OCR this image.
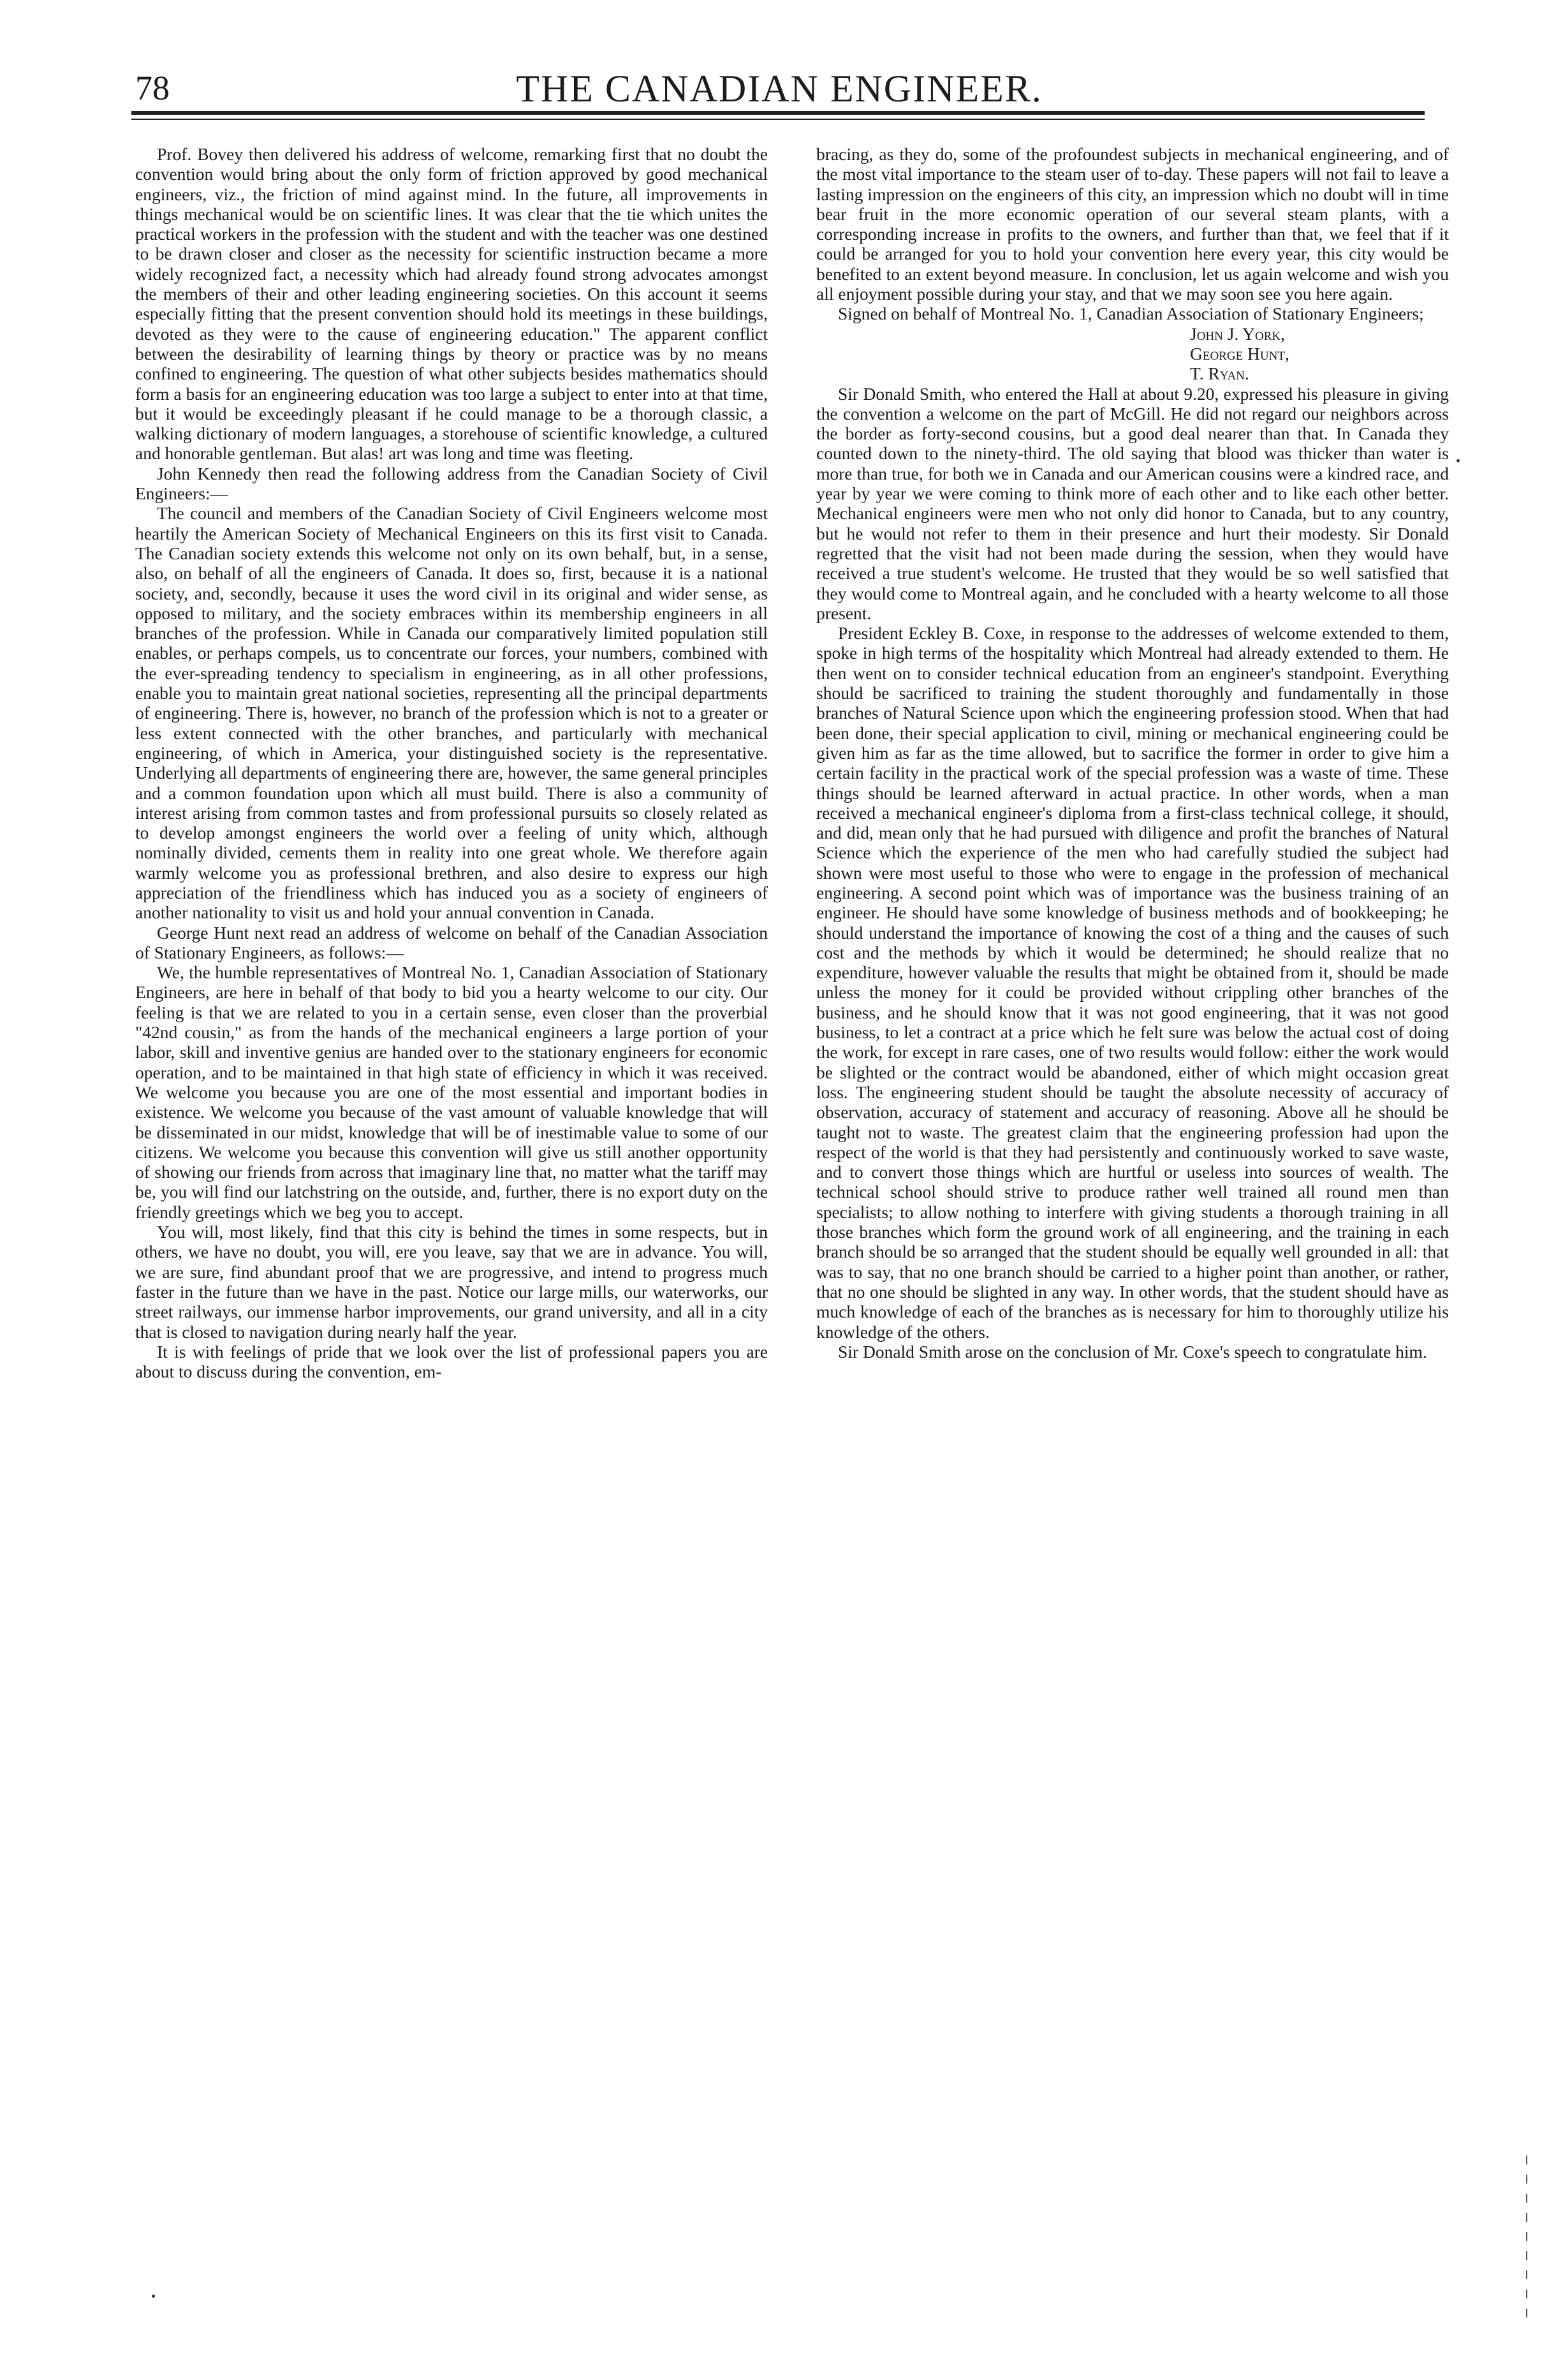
78	THE CANADIAN ENGINEER.

Prof. Bovey then delivered his address of welcome, remarking first that no doubt the convention would bring about the only form of friction approved by good mechanical engineers, viz., the friction of mind against mind. In the future, all improvements in things mechanical would be on scientific lines. It was clear that the tie which unites the practical workers in the profession with the student and with the teacher was one destined to be drawn closer and closer as the necessity for scientific instruction became a more widely recognized fact, a necessity which had already found strong advocates amongst the members of their and other leading engineering societies. On this account it seems especially fitting that the present convention should hold its meetings in these buildings, devoted as they were to the cause of engineering education." The apparent conflict between the desirability of learning things by theory or practice was by no means confined to engineering. The question of what other subjects besides mathematics should form a basis for an engineering education was too large a subject to enter into at that time, but it would be exceedingly pleasant if he could manage to be a thorough classic, a walking dictionary of modern languages, a storehouse of scientific knowledge, a cultured and honorable gentleman. But alas! art was long and time was fleeting.

John Kennedy then read the following address from the Canadian Society of Civil Engineers:—

The council and members of the Canadian Society of Civil Engineers welcome most heartily the American Society of Mechanical Engineers on this its first visit to Canada. The Canadian society extends this welcome not only on its own behalf, but, in a sense, also, on behalf of all the engineers of Canada. It does so, first, because it is a national society, and, secondly, because it uses the word civil in its original and wider sense, as opposed to military, and the society embraces within its membership engineers in all branches of the profession. While in Canada our comparatively limited population still enables, or perhaps compels, us to concentrate our forces, your numbers, combined with the ever-spreading tendency to specialism in engineering, as in all other professions, enable you to maintain great national societies, representing all the principal departments of engineering. There is, however, no branch of the profession which is not to a greater or less extent connected with the other branches, and particularly with mechanical engineering, of which in America, your distinguished society is the representative. Underlying all departments of engineering there are, however, the same general principles and a common foundation upon which all must build. There is also a community of interest arising from common tastes and from professional pursuits so closely related as to develop amongst engineers the world over a feeling of unity which, although nominally divided, cements them in reality into one great whole. We therefore again warmly welcome you as professional brethren, and also desire to express our high appreciation of the friendliness which has induced you as a society of engineers of another nationality to visit us and hold your annual convention in Canada.

George Hunt next read an address of welcome on behalf of the Canadian Association of Stationary Engineers, as follows:—

We, the humble representatives of Montreal No. 1, Canadian Association of Stationary Engineers, are here in behalf of that body to bid you a hearty welcome to our city. Our feeling is that we are related to you in a certain sense, even closer than the proverbial "42nd cousin," as from the hands of the mechanical engineers a large portion of your labor, skill and inventive genius are handed over to the stationary engineers for economic operation, and to be maintained in that high state of efficiency in which it was received. We welcome you because you are one of the most essential and important bodies in existence. We welcome you because of the vast amount of valuable knowledge that will be disseminated in our midst, knowledge that will be of inestimable value to some of our citizens. We welcome you because this convention will give us still another opportunity of showing our friends from across that imaginary line that, no matter what the tariff may be, you will find our latchstring on the outside, and, further, there is no export duty on the friendly greetings which we beg you to accept.

You will, most likely, find that this city is behind the times in some respects, but in others, we have no doubt, you will, ere you leave, say that we are in advance. You will, we are sure, find abundant proof that we are progressive, and intend to progress much faster in the future than we have in the past. Notice our large mills, our waterworks, our street railways, our immense harbor improvements, our grand university, and all in a city that is closed to navigation during nearly half the year.

It is with feelings of pride that we look over the list of professional papers you are about to discuss during the convention, em-

bracing, as they do, some of the profoundest subjects in mechanical engineering, and of the most vital importance to the steam user of to-day. These papers will not fail to leave a lasting impression on the engineers of this city, an impression which no doubt will in time bear fruit in the more economic operation of our several steam plants, with a corresponding increase in profits to the owners, and further than that, we feel that if it could be arranged for you to hold your convention here every year, this city would be benefited to an extent beyond measure. In conclusion, let us again welcome and wish you all enjoyment possible during your stay, and that we may soon see you here again.

Signed on behalf of Montreal No. 1, Canadian Association of Stationary Engineers;

John J. York,
George Hunt,
T. Ryan.

Sir Donald Smith, who entered the Hall at about 9.20, expressed his pleasure in giving the convention a welcome on the part of McGill. He did not regard our neighbors across the border as forty-second cousins, but a good deal nearer than that. In Canada they counted down to the ninety-third. The old saying that blood was thicker than water is more than true, for both we in Canada and our American cousins were a kindred race, and year by year we were coming to think more of each other and to like each other better. Mechanical engineers were men who not only did honor to Canada, but to any country, but he would not refer to them in their presence and hurt their modesty. Sir Donald regretted that the visit had not been made during the session, when they would have received a true student's welcome. He trusted that they would be so well satisfied that they would come to Montreal again, and he concluded with a hearty welcome to all those present.

President Eckley B. Coxe, in response to the addresses of welcome extended to them, spoke in high terms of the hospitality which Montreal had already extended to them. He then went on to consider technical education from an engineer's standpoint. Everything should be sacrificed to training the student thoroughly and fundamentally in those branches of Natural Science upon which the engineering profession stood. When that had been done, their special application to civil, mining or mechanical engineering could be given him as far as the time allowed, but to sacrifice the former in order to give him a certain facility in the practical work of the special profession was a waste of time. These things should be learned afterward in actual practice. In other words, when a man received a mechanical engineer's diploma from a first-class technical college, it should, and did, mean only that he had pursued with diligence and profit the branches of Natural Science which the experience of the men who had carefully studied the subject had shown were most useful to those who were to engage in the profession of mechanical engineering. A second point which was of importance was the business training of an engineer. He should have some knowledge of business methods and of bookkeeping; he should understand the importance of knowing the cost of a thing and the causes of such cost and the methods by which it would be determined; he should realize that no expenditure, however valuable the results that might be obtained from it, should be made unless the money for it could be provided without crippling other branches of the business, and he should know that it was not good engineering, that it was not good business, to let a contract at a price which he felt sure was below the actual cost of doing the work, for except in rare cases, one of two results would follow: either the work would be slighted or the contract would be abandoned, either of which might occasion great loss. The engineering student should be taught the absolute necessity of accuracy of observation, accuracy of statement and accuracy of reasoning. Above all he should be taught not to waste. The greatest claim that the engineering profession had upon the respect of the world is that they had persistently and continuously worked to save waste, and to convert those things which are hurtful or useless into sources of wealth. The technical school should strive to produce rather well trained all round men than specialists; to allow nothing to interfere with giving students a thorough training in all those branches which form the ground work of all engineering, and the training in each branch should be so arranged that the student should be equally well grounded in all: that was to say, that no one branch should be carried to a higher point than another, or rather, that no one should be slighted in any way. In other words, that the student should have as much knowledge of each of the branches as is necessary for him to thoroughly utilize his knowledge of the others.

Sir Donald Smith arose on the conclusion of Mr. Coxe's speech to congratulate him.
